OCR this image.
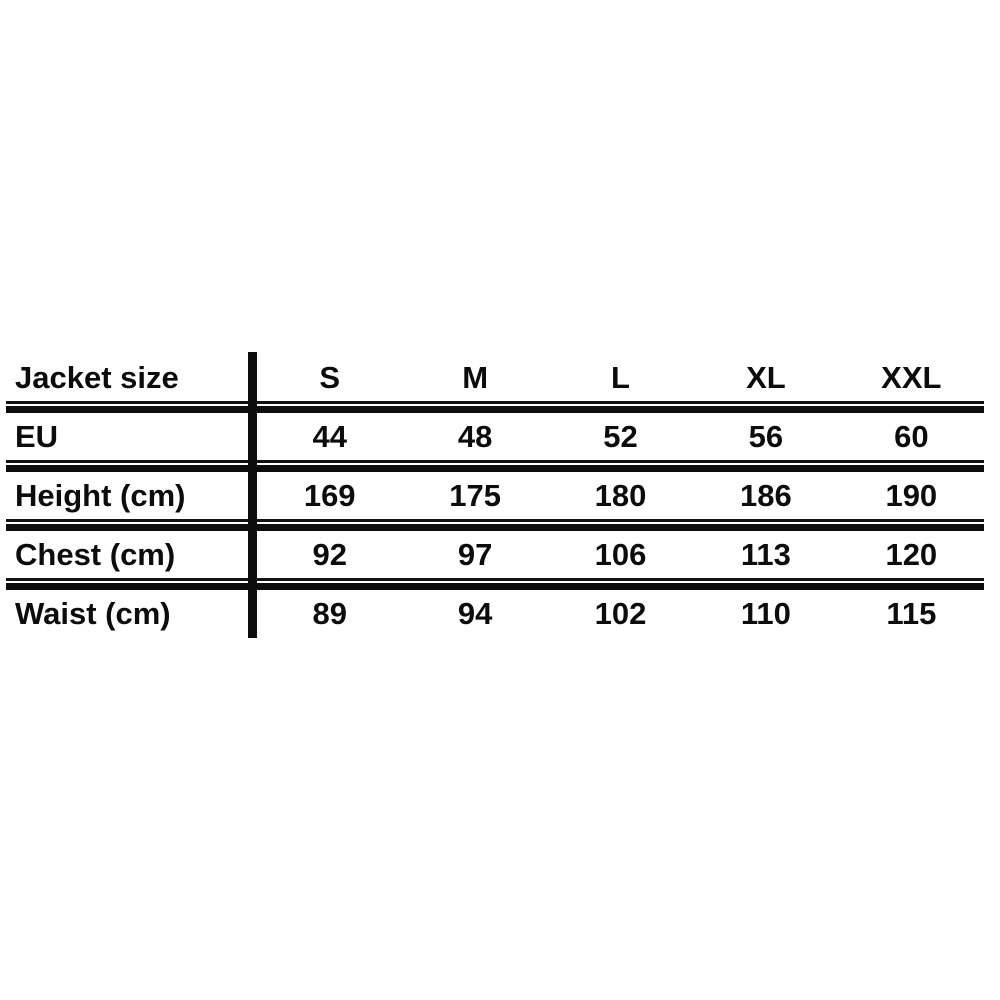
Jacket size	S	M	L	XL	XXL
EU	44	48	52	56	60
Height (cm)	169	175	180	186	190
Chest (cm)	92	97	106	113	120
Waist (cm)	89	94	102	110	115
